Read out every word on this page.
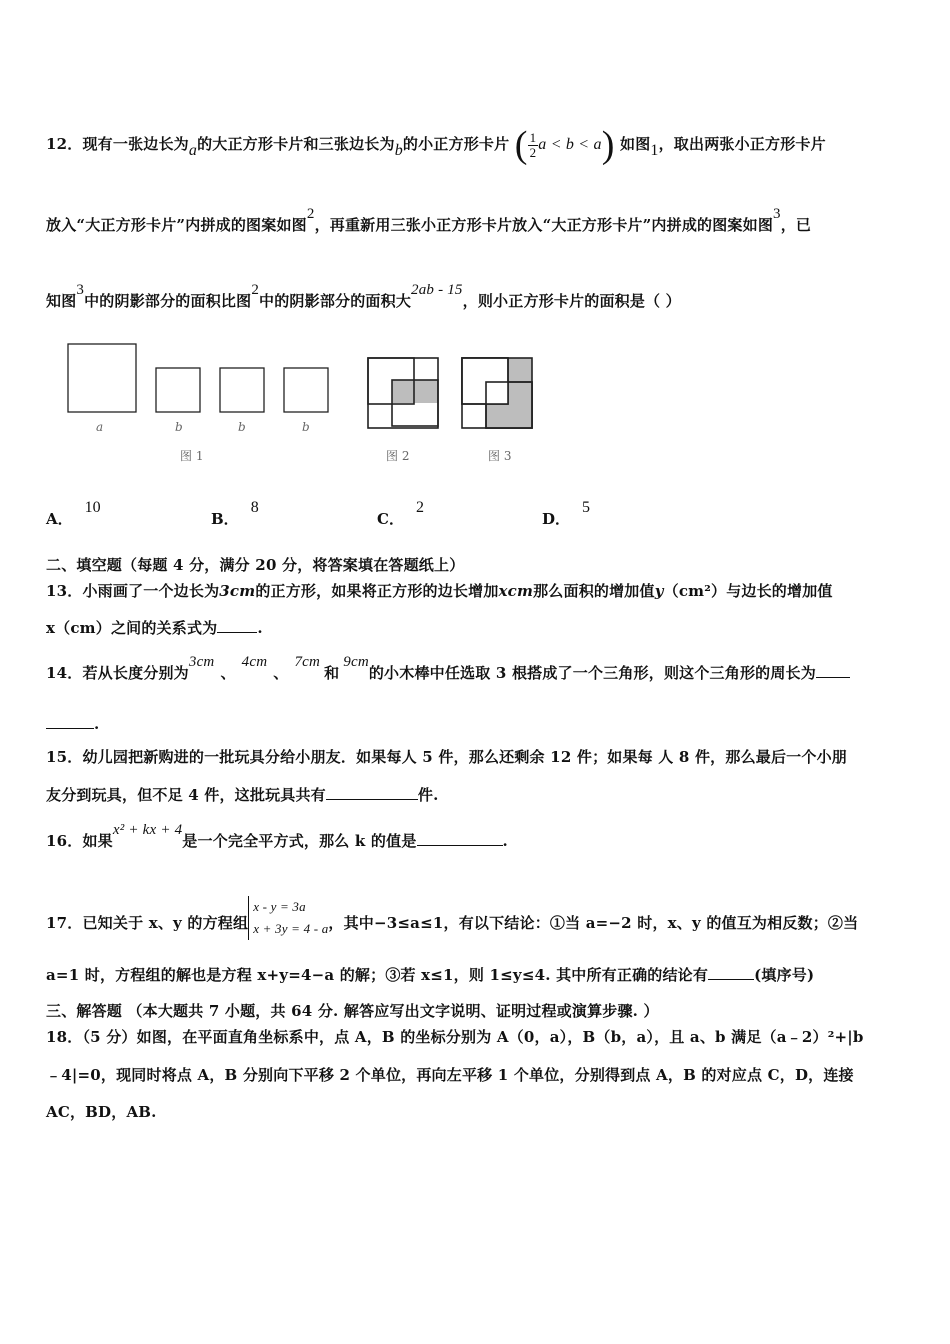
12．现有一张边长为a的大正方形卡片和三张边长为b的小正方形卡片 ( $\frac{1}{2}$ a < b < a) 如图1，取出两张小正方形卡片
放入“大正方形卡片”内拼成的图案如图2，再重新用三张小正方形卡片放入“大正方形卡片”内拼成的图案如图3，已
知图3中的阴影部分的面积比图2中的阴影部分的面积大2ab - 15，则小正方形卡片的面积是（ ）
a	b	b	b
图 1	图 2	图 3
A．10
B．8
C．2
D．5
二、填空题（每题 4 分，满分 20 分，将答案填在答题纸上）
13．小雨画了一个边长为3cm的正方形，如果将正方形的边长增加xcm那么面积的增加值y（cm²）与边长的增加值
x（cm）之间的关系式为	.
14．若从长度分别为3cm、4cm、7cm和9cm的小木棒中任选取 3 根搭成了一个三角形，则这个三角形的周长为
.
15．幼儿园把新购进的一批玩具分给小朋友．如果每人 5 件，那么还剩余 12 件；如果每 人 8 件，那么最后一个小朋
友分到玩具，但不足 4 件，这批玩具共有	件.
16．如果x² + kx + 4是一个完全平方式，那么 k 的值是	.
17．已知关于 x、y 的方程组
x - y = 3a
x + 3y = 4 - a ，其中−3≤a≤1，有以下结论：①当 a=−2 时，x、y 的值互为相反数；②当
a=1 时，方程组的解也是方程 x+y=4−a 的解；③若 x≤1，则 1≤y≤4. 其中所有正确的结论有	(填序号)
三、解答题 （本大题共 7 小题，共 64 分. 解答应写出文字说明、证明过程或演算步骤. ）
18．（5 分）如图，在平面直角坐标系中，点 A，B 的坐标分别为 A（0，a），B（b，a），且 a、b 满足（a﹣2）²+|b
﹣4|=0，现同时将点 A，B 分别向下平移 2 个单位，再向左平移 1 个单位，分别得到点 A，B 的对应点 C，D，连接
AC，BD，AB.
